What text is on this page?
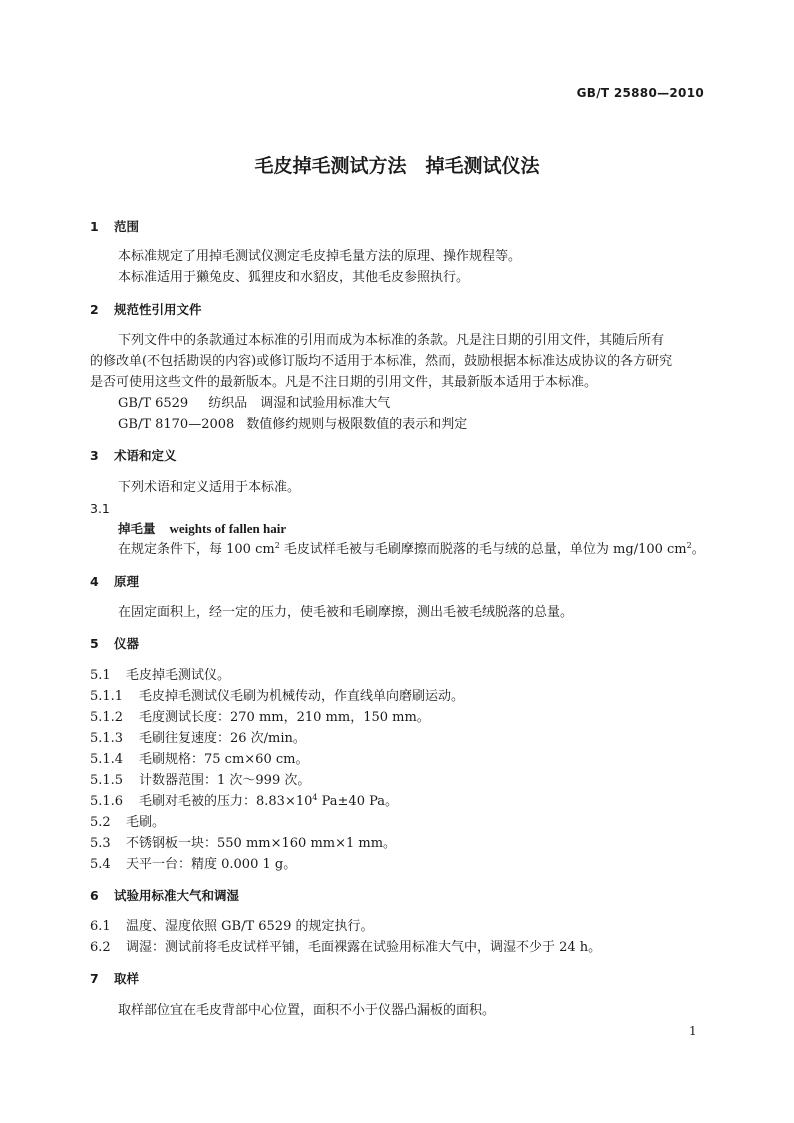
GB/T 25880—2010
毛皮掉毛测试方法　掉毛测试仪法
1 范围
本标准规定了用掉毛测试仪测定毛皮掉毛量方法的原理、操作规程等。
本标准适用于獭兔皮、狐狸皮和水貂皮，其他毛皮参照执行。
2 规范性引用文件
下列文件中的条款通过本标准的引用而成为本标准的条款。凡是注日期的引用文件，其随后所有
的修改单(不包括勘误的内容)或修订版均不适用于本标准，然而，鼓励根据本标准达成协议的各方研究
是否可使用这些文件的最新版本。凡是不注日期的引用文件，其最新版本适用于本标准。
GB/T 6529 纺织品　调湿和试验用标准大气
GB/T 8170—2008 数值修约规则与极限数值的表示和判定
3 术语和定义
下列术语和定义适用于本标准。
3.1
掉毛量 weights of fallen hair
在规定条件下，每 100 $cm^2$ 毛皮试样毛被与毛刷摩擦而脱落的毛与绒的总量，单位为 mg/100 $cm^2$。
4 原理
在固定面积上，经一定的压力，使毛被和毛刷摩擦，测出毛被毛绒脱落的总量。
5 仪器
5.1 毛皮掉毛测试仪。
5.1.1 毛皮掉毛测试仪毛刷为机械传动，作直线单向磨刷运动。
5.1.2 毛度测试长度：270 mm，210 mm，150 mm。
5.1.3 毛刷往复速度：26 次/min。
5.1.4 毛刷规格：75 cm×60 cm。
5.1.5 计数器范围：1 次～999 次。
5.1.6 毛刷对毛被的压力：$8.83\times 10^4$ Pa±40 Pa。
5.2 毛刷。
5.3 不锈钢板一块：550 mm×160 mm×1 mm。
5.4 天平一台：精度 0.000 1 g。
6 试验用标准大气和调湿
6.1 温度、湿度依照 GB/T 6529 的规定执行。
6.2 调湿：测试前将毛皮试样平铺，毛面裸露在试验用标准大气中，调湿不少于 24 h。
7 取样
取样部位宜在毛皮背部中心位置，面积不小于仪器凸漏板的面积。
1
